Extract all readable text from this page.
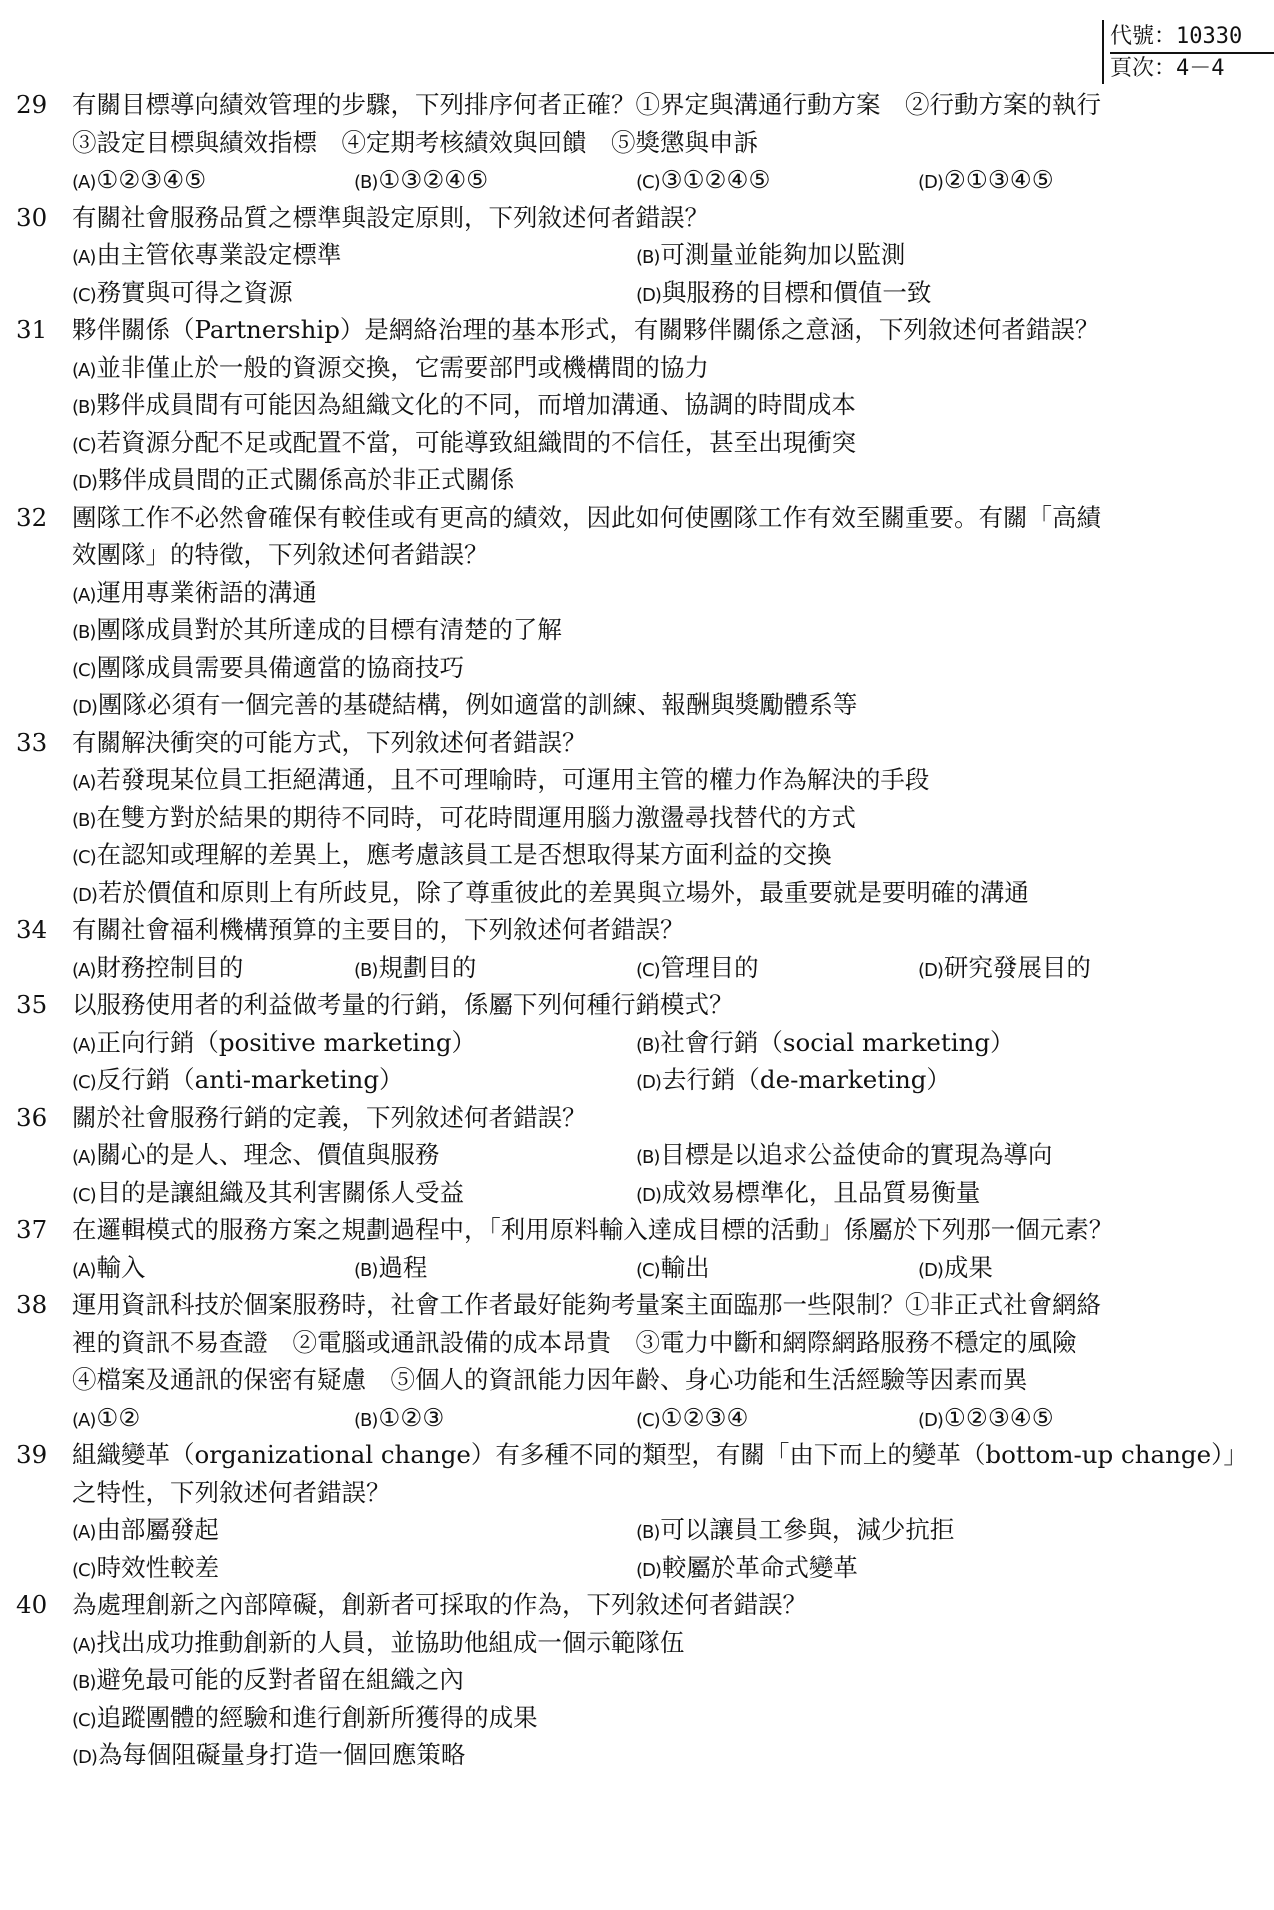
代號：10330
頁次：4－4
29	有關目標導向績效管理的步驟，下列排序何者正確？①界定與溝通行動方案　②行動方案的執行
③設定目標與績效指標　④定期考核績效與回饋　⑤獎懲與申訴
(A)①②③④⑤	(B)①③②④⑤	(C)③①②④⑤	(D)②①③④⑤
30	有關社會服務品質之標準與設定原則，下列敘述何者錯誤？
(A)由主管依專業設定標準	(B)可測量並能夠加以監測
(C)務實與可得之資源	(D)與服務的目標和價值一致
31	夥伴關係（Partnership）是網絡治理的基本形式，有關夥伴關係之意涵，下列敘述何者錯誤？
(A)並非僅止於一般的資源交換，它需要部門或機構間的協力
(B)夥伴成員間有可能因為組織文化的不同，而增加溝通、協調的時間成本
(C)若資源分配不足或配置不當，可能導致組織間的不信任，甚至出現衝突
(D)夥伴成員間的正式關係高於非正式關係
32	團隊工作不必然會確保有較佳或有更高的績效，因此如何使團隊工作有效至關重要。有關「高績
效團隊」的特徵，下列敘述何者錯誤？
(A)運用專業術語的溝通
(B)團隊成員對於其所達成的目標有清楚的了解
(C)團隊成員需要具備適當的協商技巧
(D)團隊必須有一個完善的基礎結構，例如適當的訓練、報酬與獎勵體系等
33	有關解決衝突的可能方式，下列敘述何者錯誤？
(A)若發現某位員工拒絕溝通，且不可理喻時，可運用主管的權力作為解決的手段
(B)在雙方對於結果的期待不同時，可花時間運用腦力激盪尋找替代的方式
(C)在認知或理解的差異上，應考慮該員工是否想取得某方面利益的交換
(D)若於價值和原則上有所歧見，除了尊重彼此的差異與立場外，最重要就是要明確的溝通
34	有關社會福利機構預算的主要目的，下列敘述何者錯誤？
(A)財務控制目的	(B)規劃目的	(C)管理目的	(D)研究發展目的
35	以服務使用者的利益做考量的行銷，係屬下列何種行銷模式？
(A)正向行銷（positive marketing）	(B)社會行銷（social marketing）
(C)反行銷（anti-marketing）	(D)去行銷（de-marketing）
36	關於社會服務行銷的定義，下列敘述何者錯誤？
(A)關心的是人、理念、價值與服務	(B)目標是以追求公益使命的實現為導向
(C)目的是讓組織及其利害關係人受益	(D)成效易標準化，且品質易衡量
37	在邏輯模式的服務方案之規劃過程中，「利用原料輸入達成目標的活動」係屬於下列那一個元素？
(A)輸入	(B)過程	(C)輸出	(D)成果
38	運用資訊科技於個案服務時，社會工作者最好能夠考量案主面臨那一些限制？①非正式社會網絡
裡的資訊不易查證　②電腦或通訊設備的成本昂貴　③電力中斷和網際網路服務不穩定的風險
④檔案及通訊的保密有疑慮　⑤個人的資訊能力因年齡、身心功能和生活經驗等因素而異
(A)①②	(B)①②③	(C)①②③④	(D)①②③④⑤
39	組織變革（organizational change）有多種不同的類型，有關「由下而上的變革（bottom-up change）」
之特性，下列敘述何者錯誤？
(A)由部屬發起	(B)可以讓員工參與，減少抗拒
(C)時效性較差	(D)較屬於革命式變革
40	為處理創新之內部障礙，創新者可採取的作為，下列敘述何者錯誤？
(A)找出成功推動創新的人員，並協助他組成一個示範隊伍
(B)避免最可能的反對者留在組織之內
(C)追蹤團體的經驗和進行創新所獲得的成果
(D)為每個阻礙量身打造一個回應策略
